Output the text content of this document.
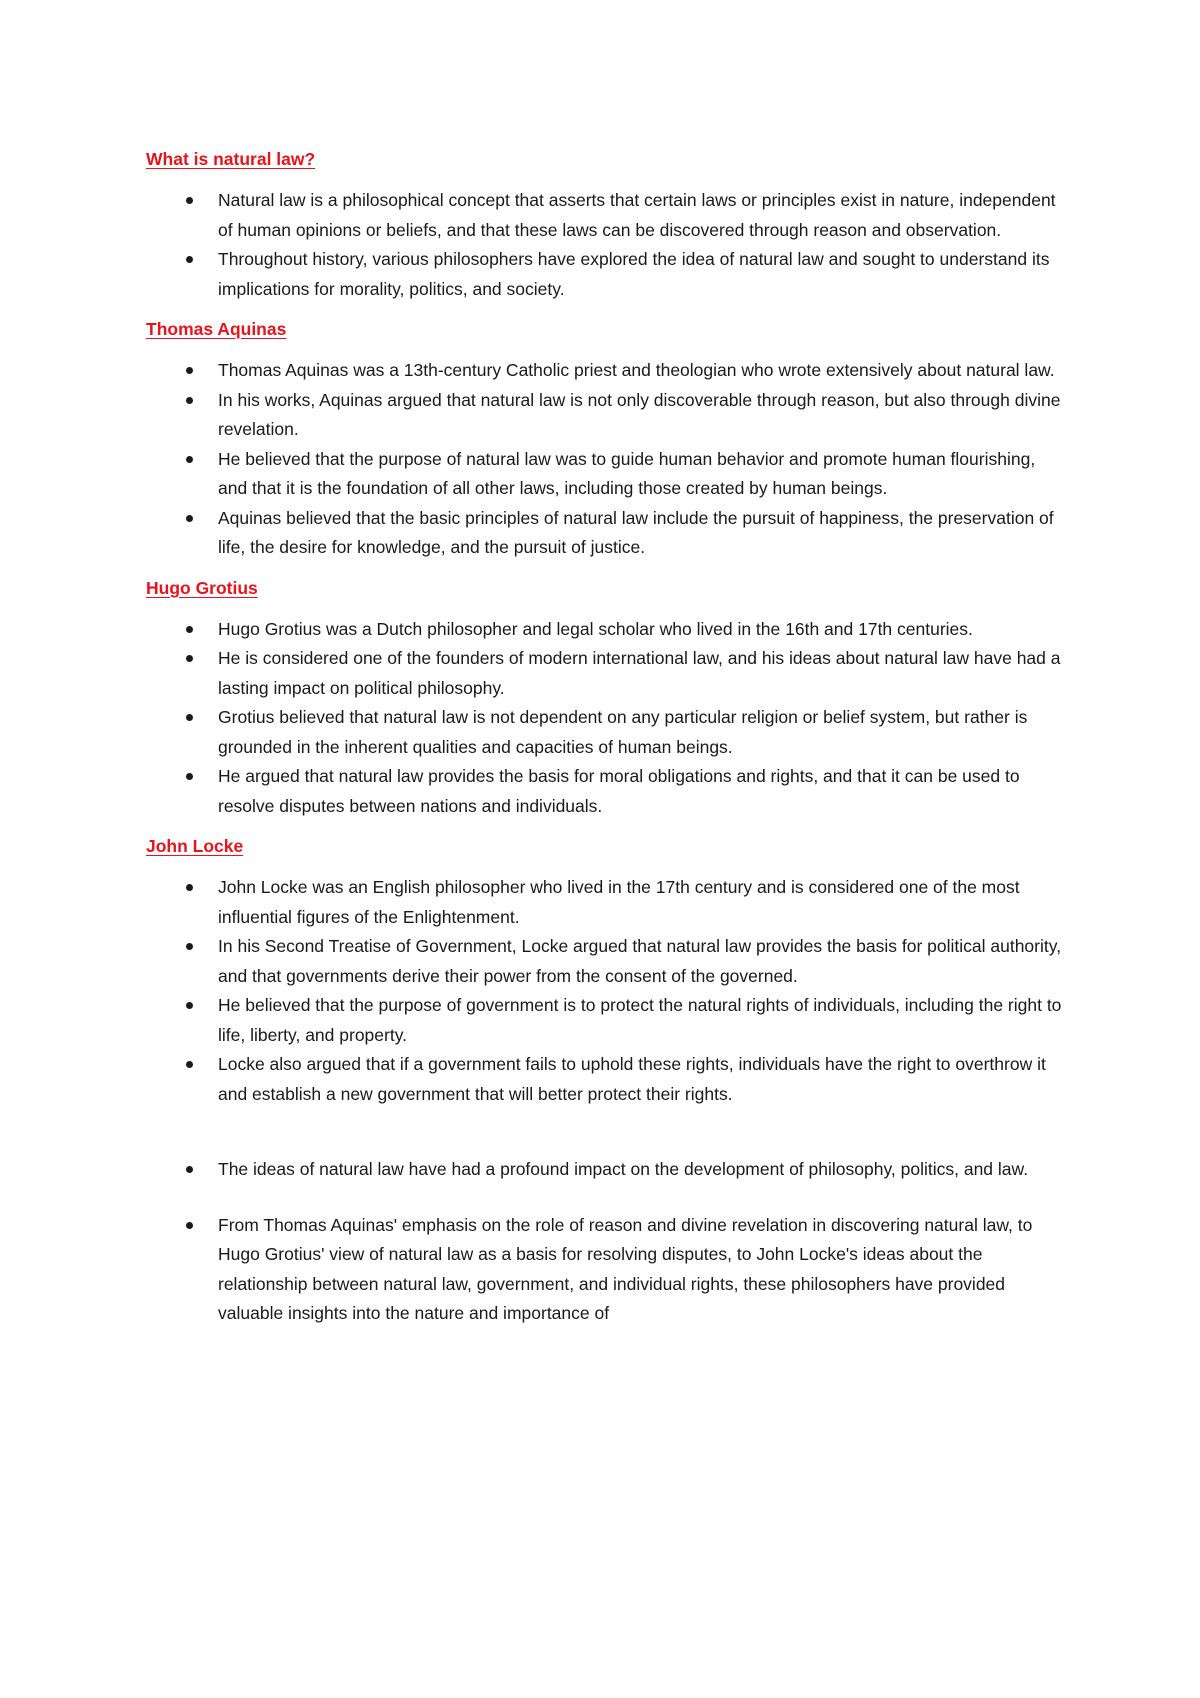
What is natural law?
Natural law is a philosophical concept that asserts that certain laws or principles exist in nature, independent of human opinions or beliefs, and that these laws can be discovered through reason and observation.
Throughout history, various philosophers have explored the idea of natural law and sought to understand its implications for morality, politics, and society.
Thomas Aquinas
Thomas Aquinas was a 13th-century Catholic priest and theologian who wrote extensively about natural law.
In his works, Aquinas argued that natural law is not only discoverable through reason, but also through divine revelation.
He believed that the purpose of natural law was to guide human behavior and promote human flourishing, and that it is the foundation of all other laws, including those created by human beings.
Aquinas believed that the basic principles of natural law include the pursuit of happiness, the preservation of life, the desire for knowledge, and the pursuit of justice.
Hugo Grotius
Hugo Grotius was a Dutch philosopher and legal scholar who lived in the 16th and 17th centuries.
He is considered one of the founders of modern international law, and his ideas about natural law have had a lasting impact on political philosophy.
Grotius believed that natural law is not dependent on any particular religion or belief system, but rather is grounded in the inherent qualities and capacities of human beings.
He argued that natural law provides the basis for moral obligations and rights, and that it can be used to resolve disputes between nations and individuals.
John Locke
John Locke was an English philosopher who lived in the 17th century and is considered one of the most influential figures of the Enlightenment.
In his Second Treatise of Government, Locke argued that natural law provides the basis for political authority, and that governments derive their power from the consent of the governed.
He believed that the purpose of government is to protect the natural rights of individuals, including the right to life, liberty, and property.
Locke also argued that if a government fails to uphold these rights, individuals have the right to overthrow it and establish a new government that will better protect their rights.
The ideas of natural law have had a profound impact on the development of philosophy, politics, and law.
From Thomas Aquinas' emphasis on the role of reason and divine revelation in discovering natural law, to Hugo Grotius' view of natural law as a basis for resolving disputes, to John Locke's ideas about the relationship between natural law, government, and individual rights, these philosophers have provided valuable insights into the nature and importance of
